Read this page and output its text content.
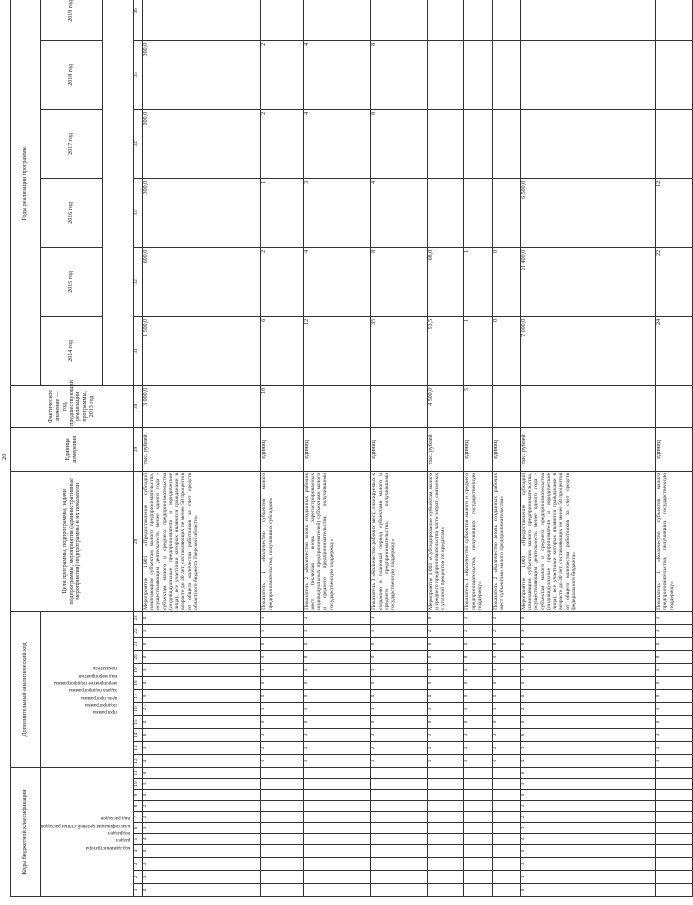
20
Коды бюджетной классификации											Дополнительный аналитический код												Цели программы, подпрограммы, задачи подпрограммы, мероприятия (административные мероприятия) подпрограммы и их показатели	Единица измерения	Фактическое значение — год, предшествующий реализации программы, 2013 год	Годы реализации программы	
код администратора раздел подраздел классификация целевой статьи расходов вид расходов											программа подпрограмма цель программы задача подпрограммы мероприятие подпрограммы вид мероприятия показатель															2014 год	2015 год	2016 год	2017 год	2018 год	2019 год	

1	2	3	4	5	6	7	8	9	10	11	12	13	14	15	16	17	18	19	20	21	22	23	28	29	30	31	32	33	34	35	36	
0	1	3	0	4	1	2	2	0	1	0	4	1	8	0	2	0	0	1	0	0	1	0	Мероприятие 1.001 «Предоставление субсидий начинающим субъектам малого предпринимательства, осуществляющим деятельность менее одного года - субъектам малого и среднего предпринимательства (индивидуальные предприниматели и юридические лица), все участники которых являются гражданами в возрасте до 30 лет, составляющих не менее 50 процентов от общего количества работников за счет средств областного бюджета Тверской области»	тыс. рублей	3 000,0	1 500,0	600,0	300,0	300,0	300,0		
											1	2	3	0	1	0	0	1	0	0	1	1	Показатель 1 «Количество субъектов малого предпринимательства, получивших субсидию»	единиц	10	6	2	1	2	2		
											1	2	3	0	1	0	0	1	0	0	1	2	Показатель 2 «Количество вновь созданных рабочих мест (включая вновь зарегистрированных индивидуальных предпринимателей) субъектами малого и среднего предпринимательства, получившими государственную поддержку»	единиц		12	4	3	4	4		
											1	2	3	0	1	0	0	1	0	0	1	3	Показатель 3 «Количество рабочих мест, планируемых к созданию в плановый период субъектами малого и среднего предпринимательства, получившими государственную поддержку»	единиц		35	8	4	8	8		
											1	2	3	0	1	0	0	1	0	0	2	0	Мероприятие 1.002 «Субсидирование субъектам малого и среднего предпринимательства части затрат, связанных с уплатой процентов по кредитам»	тыс. рублей	4 500,0	53,5	68,0					
											1	2	3	0	1	0	0	1	0	0	2	1	Показатель 1 «Количество субъектов малого и среднего предпринимательства, получивших государственную поддержку»	единиц	5	1	1					
											1	2	3	0	1	0	0	1	0	0	2	2	Показатель 2 «Количество вновь созданных рабочих мест субъектами малого предпринимательства»	единиц		0	0					
0	1	3	0	4	1	2	2	0	1	0	4	1	8	0	2	0	0	1	0	0	3	0	Мероприятие 1.003 «Предоставление субсидий начинающим субъектам малого предпринимательства, осуществляющим деятельность менее одного года - субъектам малого и среднего предпринимательства (индивидуальные предприниматели и юридические лица), все участники которых являются гражданами в возрасте до 30 лет, составляющих не менее 50 процентов от общего количества работников за счет средств федерального бюджета»	тыс. рублей		7 000,0	11 400,0	6 500,0				
											1	2	3	0	1	0	0	1	0	0	3	1	Показатель 1 «Количество субъектов малого предпринимательства, получивших государственную поддержку»	единиц		24	22	12				
